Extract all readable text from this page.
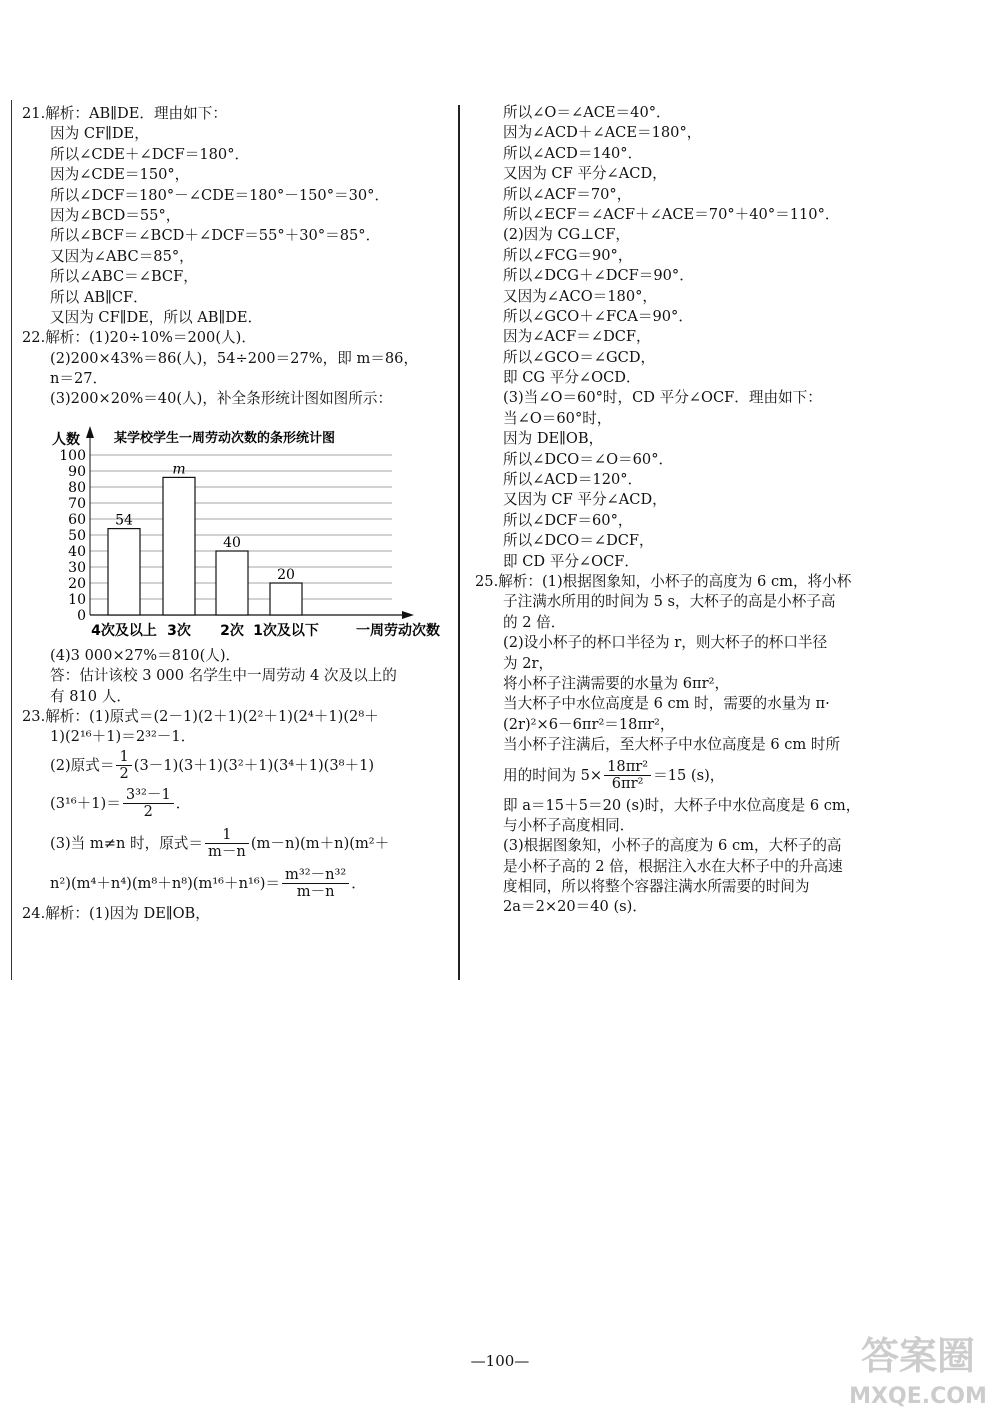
21.解析：AB∥DE．理由如下：
因为 CF∥DE，
所以∠CDE＋∠DCF＝180°．
因为∠CDE＝150°，
所以∠DCF＝180°－∠CDE＝180°－150°＝30°．
因为∠BCD＝55°，
所以∠BCF＝∠BCD＋∠DCF＝55°＋30°＝85°．
又因为∠ABC＝85°，
所以∠ABC＝∠BCF，
所以 AB∥CF．
又因为 CF∥DE，所以 AB∥DE．
22.解析：(1)20÷10%＝200(人)．
(2)200×43%＝86(人)，54÷200＝27%，即 m＝86，
n＝27．
(3)200×20%＝40(人)，补全条形统计图如图所示：
0
10
20
30
40
50
60
70
80
90
100
人数	某学校学生一周劳动次数的条形统计图
54
4次及以上
m
3次
40
2次
20
1次及以下	一周劳动次数
(4)3 000×27%＝810(人)．
答：估计该校 3 000 名学生中一周劳动 4 次及以上的
有 810 人．
23.解析：(1)原式＝(2－1)(2＋1)(2²＋1)(2⁴＋1)(2⁸＋
1)(2¹⁶＋1)＝2³²－1．
(2)原式＝ $\frac{1}{2} (3-1)(3+1)(3^2+1)(3^4+1)(3^8+1)$
$(3^{16}+1)= \frac{\text{3³²－1}}{2}$ ．
(3)当 m≠n 时，原式＝ $\frac{1}{m-n} (m-n)(m+n)(m^2+$
$n^2)(m^4+n^4)(m^8+n^8)(m^{16}+n^{16})= \frac{\text{m³²－n³²}}{m-n}$ ．
24.解析：(1)因为 DE∥OB，
所以∠O＝∠ACE＝40°．
因为∠ACD＋∠ACE＝180°，
所以∠ACD＝140°．
又因为 CF 平分∠ACD，
所以∠ACF＝70°，
所以∠ECF＝∠ACF＋∠ACE＝70°＋40°＝110°．
(2)因为 CG⊥CF，
所以∠FCG＝90°，
所以∠DCG＋∠DCF＝90°．
又因为∠ACO＝180°，
所以∠GCO＋∠FCA＝90°．
因为∠ACF＝∠DCF，
所以∠GCO＝∠GCD，
即 CG 平分∠OCD．
(3)当∠O＝60°时，CD 平分∠OCF．理由如下：
当∠O＝60°时，
因为 DE∥OB，
所以∠DCO＝∠O＝60°．
所以∠ACD＝120°．
又因为 CF 平分∠ACD，
所以∠DCF＝60°，
所以∠DCO＝∠DCF，
即 CD 平分∠OCF．
25.解析：(1)根据图象知，小杯子的高度为 6 cm，将小杯
子注满水所用的时间为 5 s，大杯子的高是小杯子高
的 2 倍．
(2)设小杯子的杯口半径为 r，则大杯子的杯口半径
为 2r，
将小杯子注满需要的水量为 6πr²，
当大杯子中水位高度是 6 cm 时，需要的水量为 π·
(2r)²×6－6πr²＝18πr²，
当小杯子注满后，至大杯子中水位高度是 6 cm 时所
用的时间为 $5\times \frac{\text{18πr²}}{\text{6πr²}} =15$ (s)，
即 a＝15＋5＝20 (s)时，大杯子中水位高度是 6 cm，
与小杯子高度相同．
(3)根据图象知，小杯子的高度为 6 cm，大杯子的高
是小杯子高的 2 倍，根据注入水在大杯子中的升高速
度相同，所以将整个容器注满水所需要的时间为
2a＝2×20＝40 (s)．
—100—	答案圈
MXQE.COM
